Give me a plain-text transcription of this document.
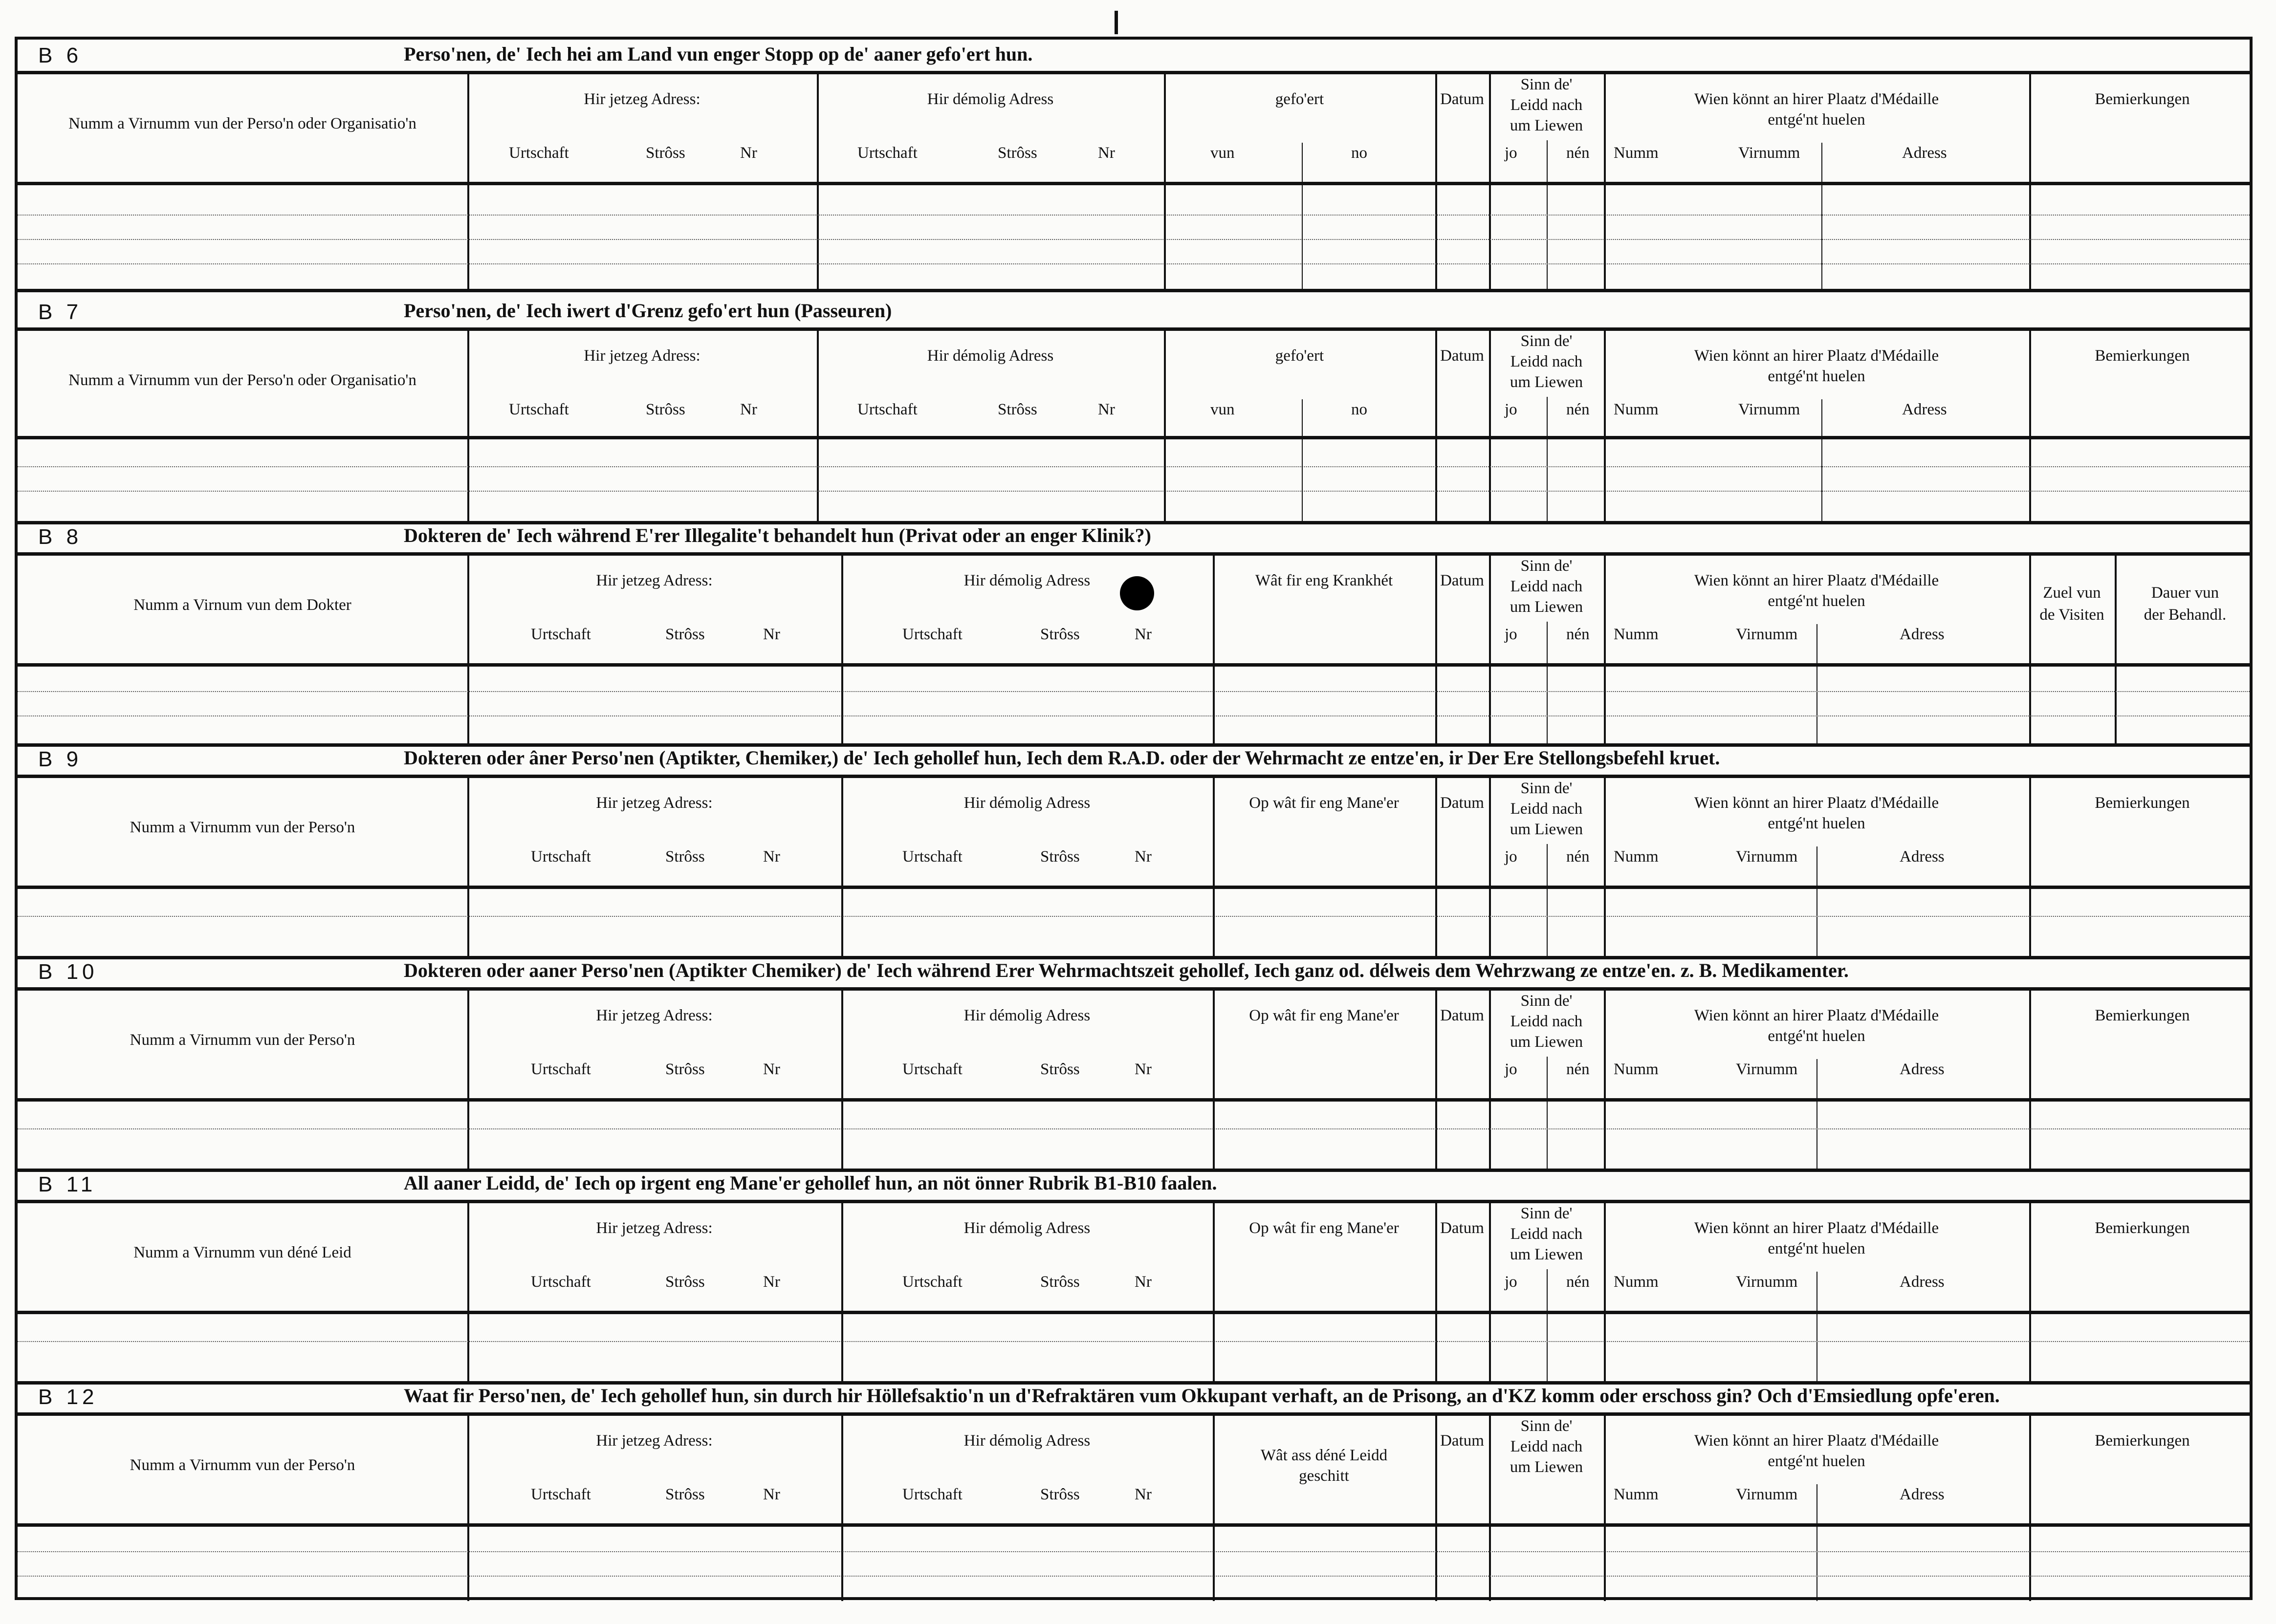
B 6	Perso'nen, de' Iech hei am Land vun enger Stopp op de' aaner gefo'ert hun.
Numm a Virnumm vun der Perso'n oder Organisatio'n
Hir jetzeg Adress:
Urtschaft	Strôss	Nr
Hir démolig Adress
Urtschaft	Strôss	Nr
gefo'ert
vun	no
Datum
Sinn de'
Leidd nach
um Liewen
jo	nén
Wien könnt an hirer Plaatz d'Médaille
entgé'nt huelen
Numm	Virnumm	Adress
Bemierkungen
B 7	Perso'nen, de' Iech iwert d'Grenz gefo'ert hun (Passeuren)
Numm a Virnumm vun der Perso'n oder Organisatio'n
Hir jetzeg Adress:
Urtschaft	Strôss	Nr
Hir démolig Adress
Urtschaft	Strôss	Nr
gefo'ert
vun	no
Datum
Sinn de'
Leidd nach
um Liewen
jo	nén
Wien könnt an hirer Plaatz d'Médaille
entgé'nt huelen
Numm	Virnumm	Adress
Bemierkungen
B 8	Dokteren de' Iech während E'rer Illegalite't behandelt hun (Privat oder an enger Klinik?)
Numm a Virnum vun dem Dokter
Hir jetzeg Adress:
Urtschaft	Strôss	Nr
Hir démolig Adress
Urtschaft	Strôss	Nr
Wât fir eng Krankhét	Datum
Sinn de'
Leidd nach
um Liewen
jo	nén
Wien könnt an hirer Plaatz d'Médaille
entgé'nt huelen
Numm	Virnumm	Adress
Zuel vun
de Visiten
Dauer vun
der Behandl.
B 9	Dokteren oder âner Perso'nen (Aptikter, Chemiker,) de' Iech gehollef hun, Iech dem R.A.D. oder der Wehrmacht ze entze'en, ir Der Ere Stellongsbefehl kruet.
Numm a Virnumm vun der Perso'n
Hir jetzeg Adress:
Urtschaft	Strôss	Nr
Hir démolig Adress
Urtschaft	Strôss	Nr
Op wât fir eng Mane'er	Datum
Sinn de'
Leidd nach
um Liewen
jo	nén
Wien könnt an hirer Plaatz d'Médaille
entgé'nt huelen
Numm	Virnumm	Adress
Bemierkungen
B 10	Dokteren oder aaner Perso'nen (Aptikter Chemiker) de' Iech während Erer Wehrmachtszeit gehollef, Iech ganz od. délweis dem Wehrzwang ze entze'en. z. B. Medikamenter.
Numm a Virnumm vun der Perso'n
Hir jetzeg Adress:
Urtschaft	Strôss	Nr
Hir démolig Adress
Urtschaft	Strôss	Nr
Op wât fir eng Mane'er	Datum
Sinn de'
Leidd nach
um Liewen
jo	nén
Wien könnt an hirer Plaatz d'Médaille
entgé'nt huelen
Numm	Virnumm	Adress
Bemierkungen
B 11	All aaner Leidd, de' Iech op irgent eng Mane'er gehollef hun, an nöt önner Rubrik B1-B10 faalen.
Numm a Virnumm vun déné Leid
Hir jetzeg Adress:
Urtschaft	Strôss	Nr
Hir démolig Adress
Urtschaft	Strôss	Nr
Op wât fir eng Mane'er	Datum
Sinn de'
Leidd nach
um Liewen
jo	nén
Wien könnt an hirer Plaatz d'Médaille
entgé'nt huelen
Numm	Virnumm	Adress
Bemierkungen
B 12	Waat fir Perso'nen, de' Iech gehollef hun, sin durch hir Höllefsaktio'n un d'Refraktären vum Okkupant verhaft, an de Prisong, an d'KZ komm oder erschoss gin? Och d'Emsiedlung opfe'eren.
Numm a Virnumm vun der Perso'n
Hir jetzeg Adress:
Urtschaft	Strôss	Nr
Hir démolig Adress
Urtschaft	Strôss	Nr
Wât ass déné Leidd
geschitt
Datum
Sinn de'
Leidd nach
um Liewen
Wien könnt an hirer Plaatz d'Médaille
entgé'nt huelen
Numm	Virnumm	Adress
Bemierkungen
